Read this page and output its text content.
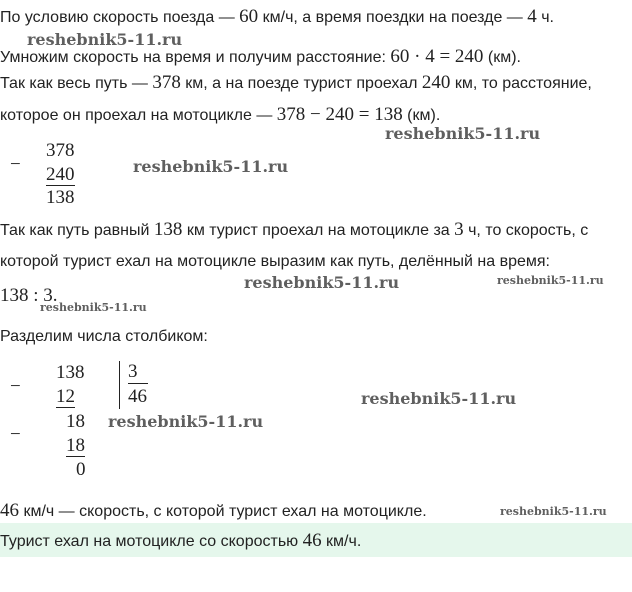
По условию скорость поезда — 60 км/ч, а время поездки на поезде — 4 ч.
reshebnik5-11.ru
Умножим скорость на время и получим расстояние: 60 · 4 = 240 (км).
Так как весь путь — 378 км, а на поезде турист проехал 240 км, то расстояние,
которое он проехал на мотоцикле — 378 − 240 = 138 (км).
reshebnik5-11.ru
−
378
240
138
reshebnik5-11.ru
Так как путь равный 138 км турист проехал на мотоцикле за 3 ч, то скорость, с
которой турист ехал на мотоцикле выразим как путь, делённый на время:
reshebnik5-11.ru	reshebnik5-11.ru
138 : 3.
reshebnik5-11.ru
Разделим числа столбиком:
−
138 3
46
12
−
18
18
0
reshebnik5-11.ru
reshebnik5-11.ru
46 км/ч — скорость, с которой турист ехал на мотоцикле.	reshebnik5-11.ru
Турист ехал на мотоцикле со скоростью 46 км/ч.
